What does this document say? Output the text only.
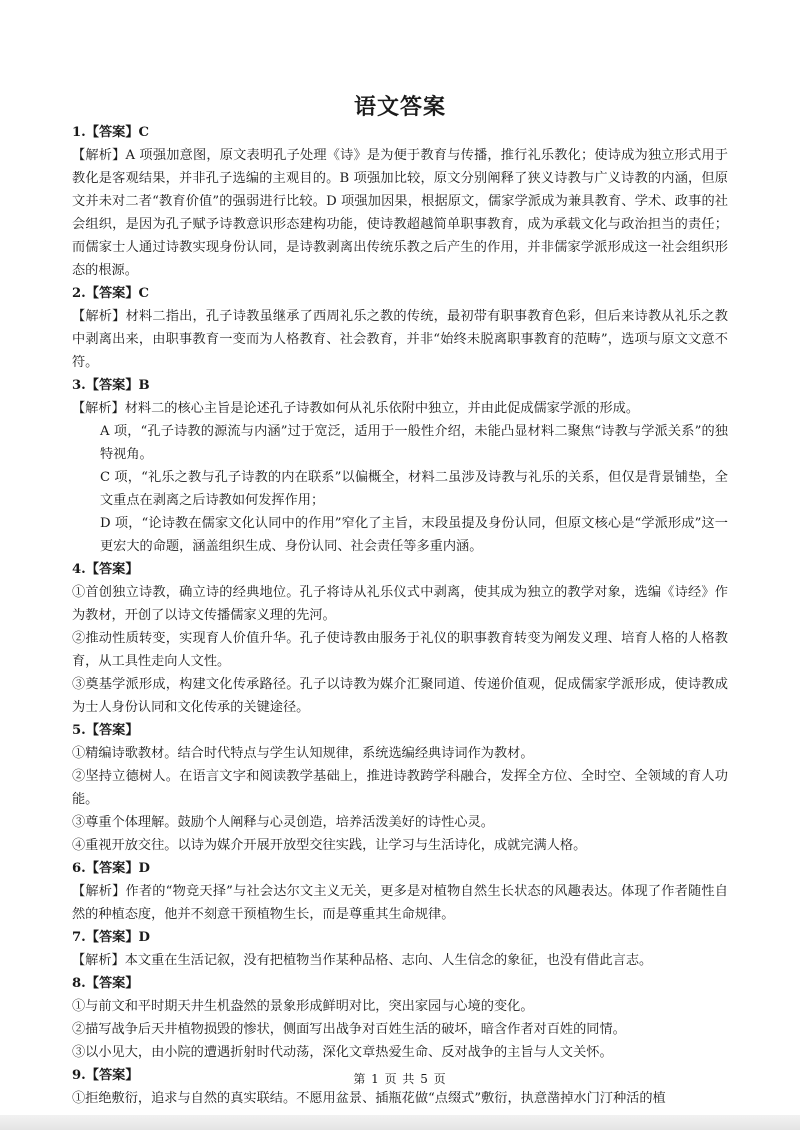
语文答案

1.【答案】C

【解析】A 项强加意图，原文表明孔子处理《诗》是为便于教育与传播，推行礼乐教化；使诗成为独立形式用于教化是客观结果，并非孔子选编的主观目的。B 项强加比较，原文分别阐释了狭义诗教与广义诗教的内涵，但原文并未对二者“教育价值”的强弱进行比较。D 项强加因果，根据原文，儒家学派成为兼具教育、学术、政事的社会组织，是因为孔子赋予诗教意识形态建构功能，使诗教超越简单职事教育，成为承载文化与政治担当的责任；而儒家士人通过诗教实现身份认同，是诗教剥离出传统乐教之后产生的作用，并非儒家学派形成这一社会组织形态的根源。

2.【答案】C

【解析】材料二指出，孔子诗教虽继承了西周礼乐之教的传统，最初带有职事教育色彩，但后来诗教从礼乐之教中剥离出来，由职事教育一变而为人格教育、社会教育，并非“始终未脱离职事教育的范畴”，选项与原文文意不符。

3.【答案】B

【解析】材料二的核心主旨是论述孔子诗教如何从礼乐依附中独立，并由此促成儒家学派的形成。

A 项，“孔子诗教的源流与内涵”过于宽泛，适用于一般性介绍，未能凸显材料二聚焦“诗教与学派关系”的独特视角。

C 项，“礼乐之教与孔子诗教的内在联系”以偏概全，材料二虽涉及诗教与礼乐的关系，但仅是背景铺垫，全文重点在剥离之后诗教如何发挥作用；

D 项，“论诗教在儒家文化认同中的作用”窄化了主旨，末段虽提及身份认同，但原文核心是“学派形成”这一更宏大的命题，涵盖组织生成、身份认同、社会责任等多重内涵。

4.【答案】

①首创独立诗教，确立诗的经典地位。孔子将诗从礼乐仪式中剥离，使其成为独立的教学对象，选编《诗经》作为教材，开创了以诗文传播儒家义理的先河。

②推动性质转变，实现育人价值升华。孔子使诗教由服务于礼仪的职事教育转变为阐发义理、培育人格的人格教育，从工具性走向人文性。

③奠基学派形成，构建文化传承路径。孔子以诗教为媒介汇聚同道、传递价值观，促成儒家学派形成，使诗教成为士人身份认同和文化传承的关键途径。

5.【答案】

①精编诗歌教材。结合时代特点与学生认知规律，系统选编经典诗词作为教材。

②坚持立德树人。在语言文字和阅读教学基础上，推进诗教跨学科融合，发挥全方位、全时空、全领域的育人功能。

③尊重个体理解。鼓励个人阐释与心灵创造，培养活泼美好的诗性心灵。

④重视开放交往。以诗为媒介开展开放型交往实践，让学习与生活诗化，成就完满人格。

6.【答案】D

【解析】作者的“物竞天择”与社会达尔文主义无关，更多是对植物自然生长状态的风趣表达。体现了作者随性自然的种植态度，他并不刻意干预植物生长，而是尊重其生命规律。

7.【答案】D

【解析】本文重在生活记叙，没有把植物当作某种品格、志向、人生信念的象征，也没有借此言志。

8.【答案】

①与前文和平时期天井生机盎然的景象形成鲜明对比，突出家园与心境的变化。

②描写战争后天井植物损毁的惨状，侧面写出战争对百姓生活的破坏，暗含作者对百姓的同情。

③以小见大，由小院的遭遇折射时代动荡，深化文章热爱生命、反对战争的主旨与人文关怀。

9.【答案】

①拒绝敷衍，追求与自然的真实联结。不愿用盆景、插瓶花做“点缀式”敷衍，执意凿掉水门汀种活的植

第 1 页 共 5 页
